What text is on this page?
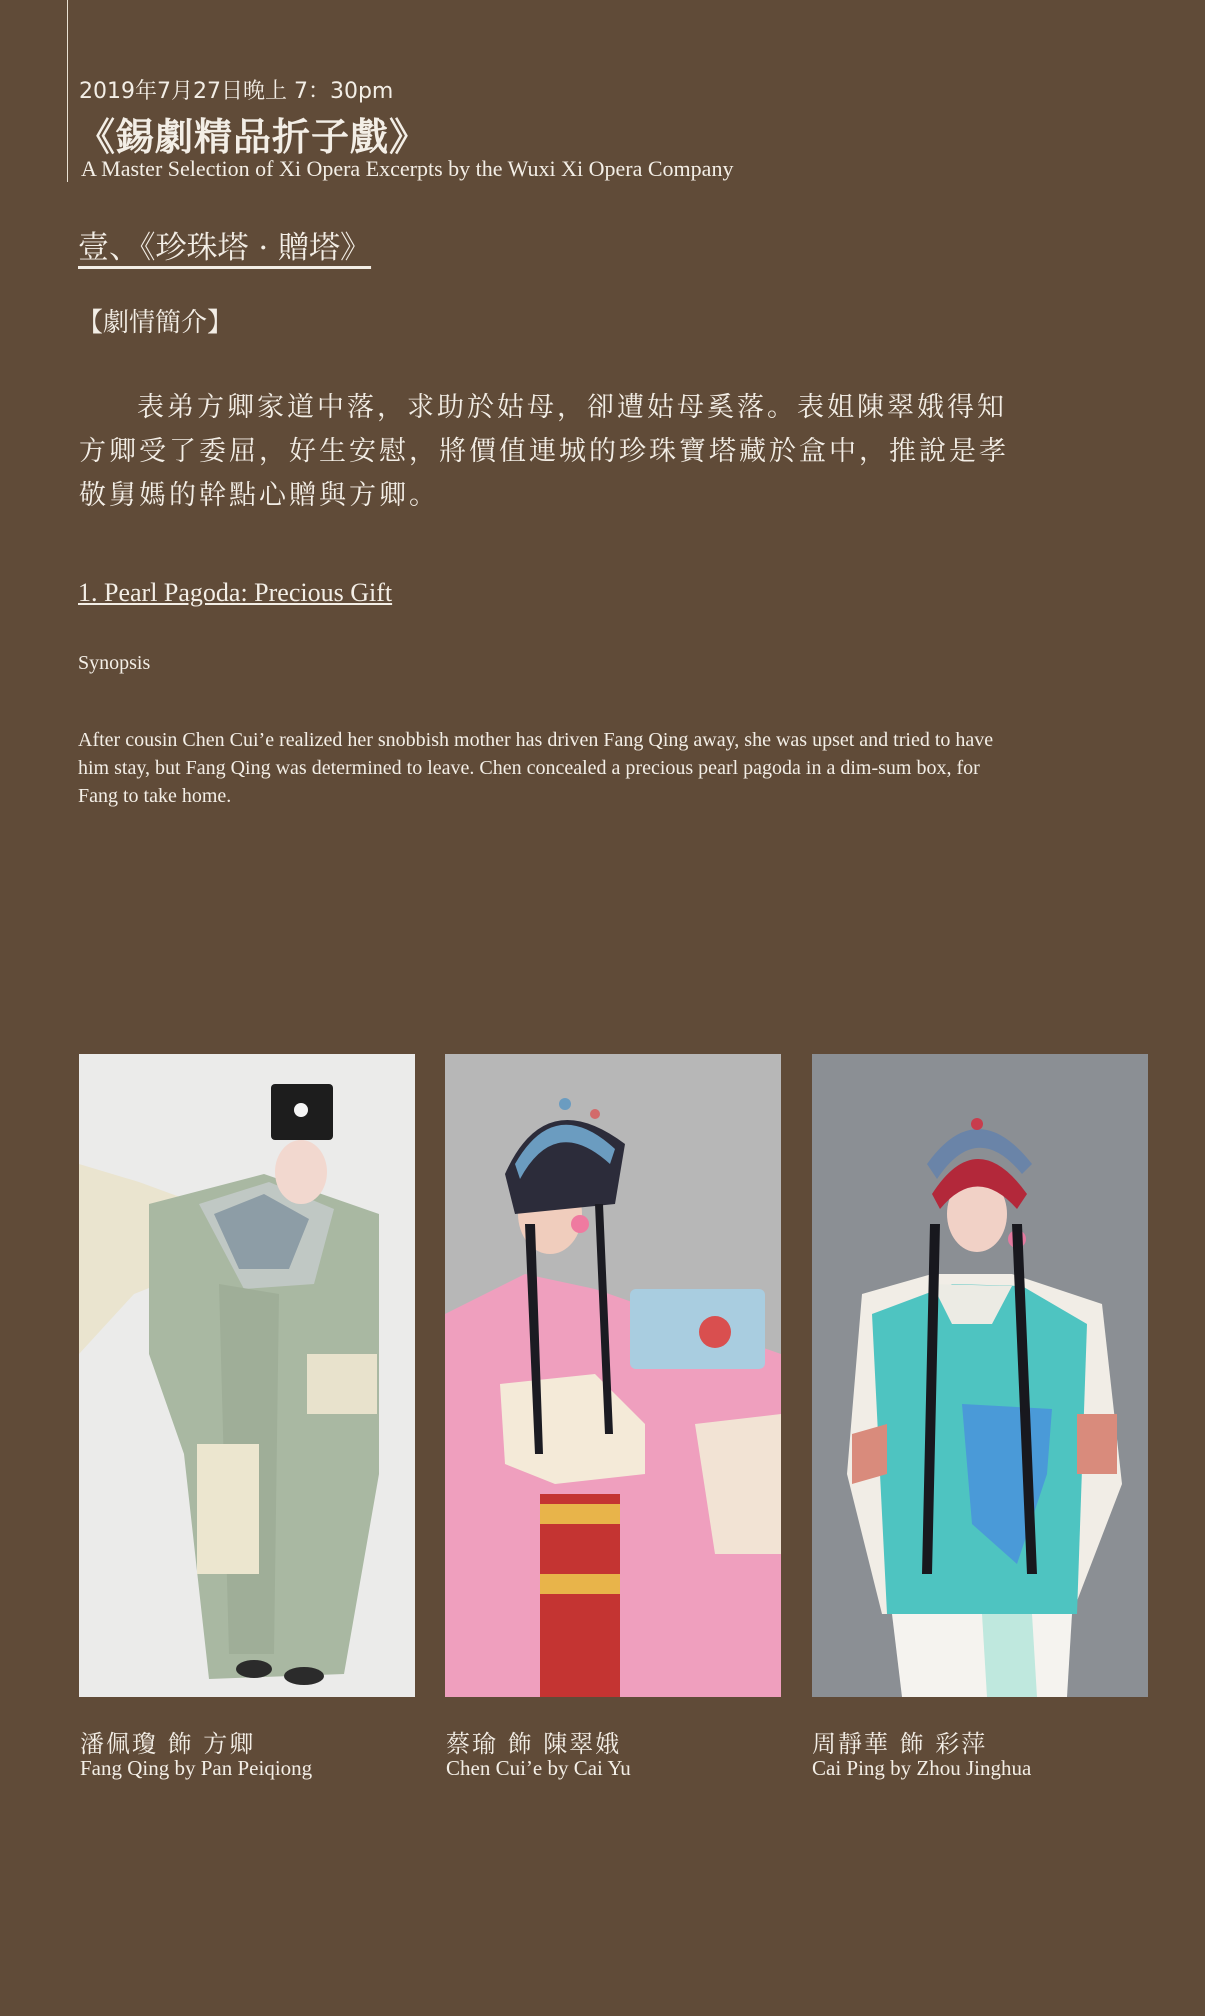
2019年7月27日晚上 7：30pm
《錫劇精品折子戲》
A Master Selection of Xi Opera Excerpts by the Wuxi Xi Opera Company
壹、《珍珠塔 · 贈塔》
【劇情簡介】
表弟方卿家道中落，求助於姑母，卻遭姑母奚落。表姐陳翠娥得知方卿受了委屈，好生安慰，將價值連城的珍珠寶塔藏於盒中，推說是孝敬舅媽的幹點心贈與方卿。
1. Pearl Pagoda: Precious Gift
Synopsis
After cousin Chen Cui’e realized her snobbish mother has driven Fang Qing away, she was upset and tried to have him stay, but Fang Qing was determined to leave. Chen concealed a precious pearl pagoda in a dim-sum box, for Fang to take home.
潘佩瓊 飾 方卿
Fang Qing by Pan Peiqiong
蔡瑜 飾 陳翠娥
Chen Cui’e by Cai Yu
周靜華 飾 彩萍
Cai Ping by Zhou Jinghua
